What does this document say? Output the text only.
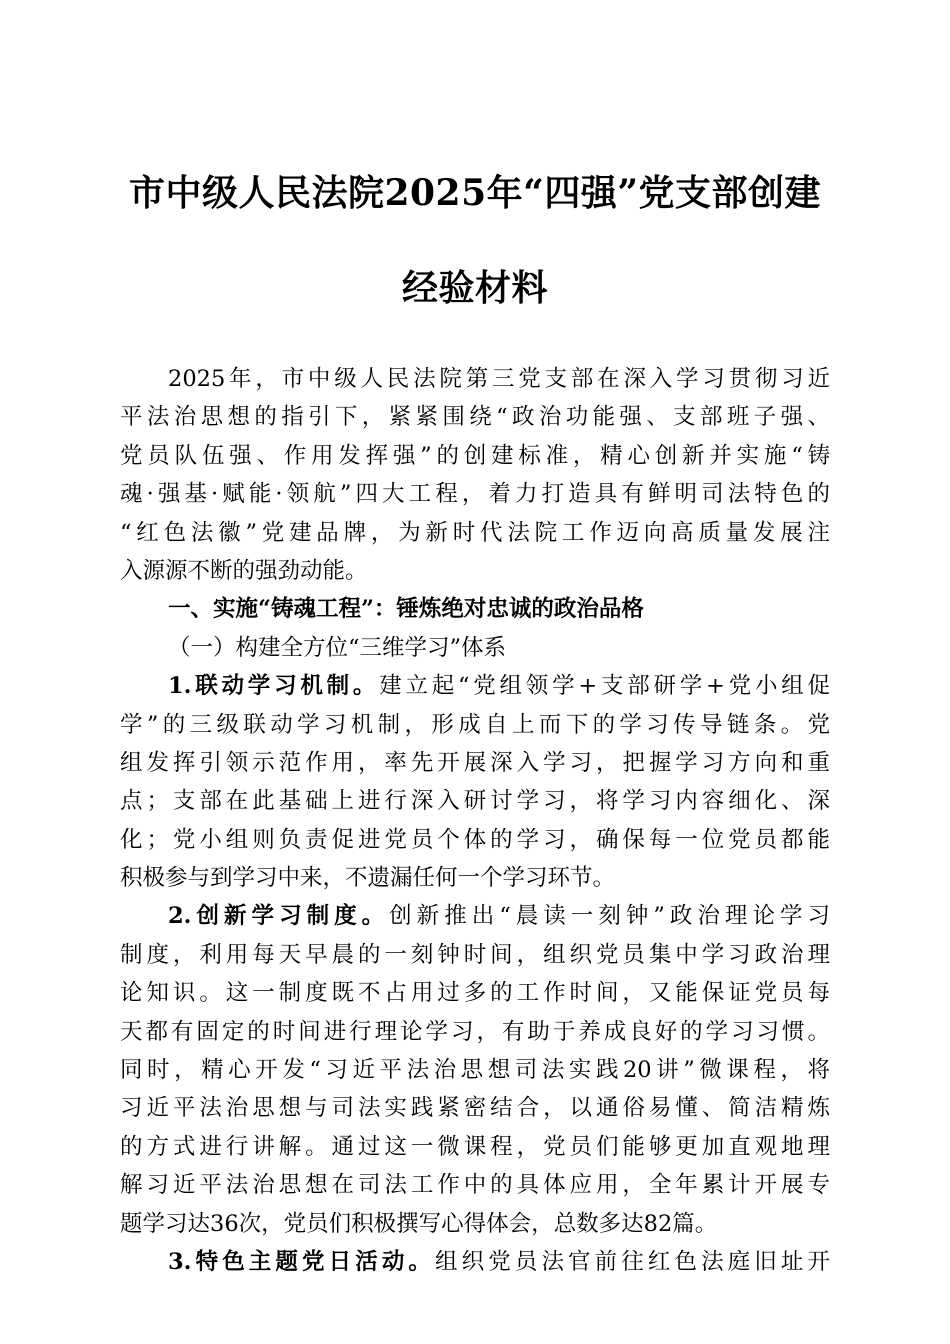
市中级人民法院2025年“四强”党支部创建
经验材料
2025年，市中级人民法院第三党支部在深入学习贯彻习近
平法治思想的指引下，紧紧围绕“政治功能强、支部班子强、
党员队伍强、作用发挥强”的创建标准，精心创新并实施“铸
魂·强基·赋能·领航”四大工程，着力打造具有鲜明司法特色的
“红色法徽”党建品牌，为新时代法院工作迈向高质量发展注
入源源不断的强劲动能。
一、实施“铸魂工程”：锤炼绝对忠诚的政治品格
（一）构建全方位“三维学习”体系
1.联动学习机制。建立起“党组领学+支部研学+党小组促
学”的三级联动学习机制，形成自上而下的学习传导链条。党
组发挥引领示范作用，率先开展深入学习，把握学习方向和重
点；支部在此基础上进行深入研讨学习，将学习内容细化、深
化；党小组则负责促进党员个体的学习，确保每一位党员都能
积极参与到学习中来，不遗漏任何一个学习环节。
2.创新学习制度。创新推出“晨读一刻钟”政治理论学习
制度，利用每天早晨的一刻钟时间，组织党员集中学习政治理
论知识。这一制度既不占用过多的工作时间，又能保证党员每
天都有固定的时间进行理论学习，有助于养成良好的学习习惯。
同时，精心开发“习近平法治思想司法实践20讲”微课程，将
习近平法治思想与司法实践紧密结合，以通俗易懂、简洁精炼
的方式进行讲解。通过这一微课程，党员们能够更加直观地理
解习近平法治思想在司法工作中的具体应用，全年累计开展专
题学习达36次，党员们积极撰写心得体会，总数多达82篇。
3.特色主题党日活动。组织党员法官前往红色法庭旧址开
